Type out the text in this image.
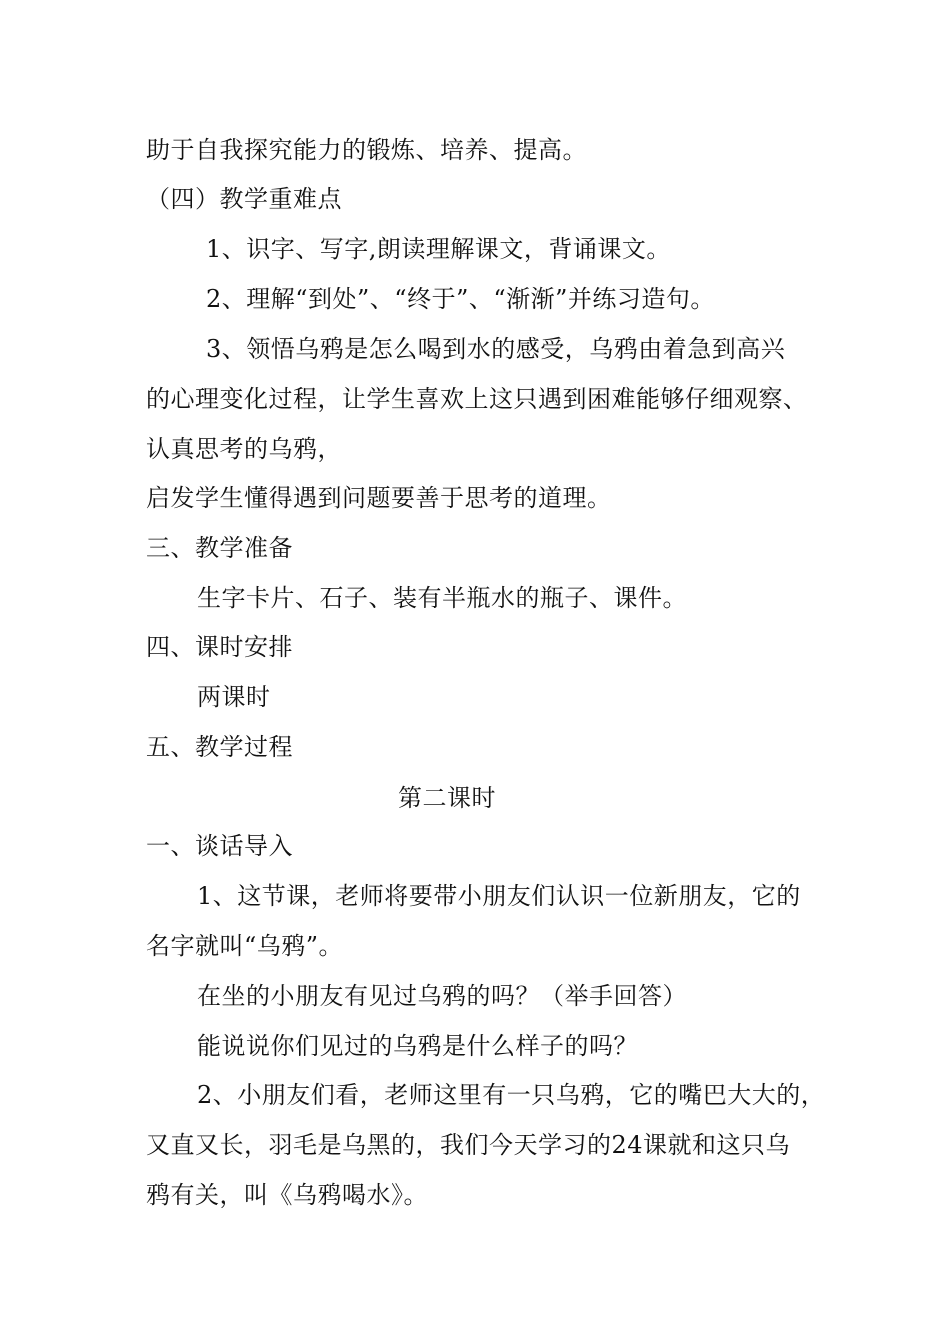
助于自我探究能力的锻炼、培养、提高。
（四）教学重难点
1、识字、写字,朗读理解课文，背诵课文。
2、理解“到处”、“终于”、“渐渐”并练习造句。
3、领悟乌鸦是怎么喝到水的感受，乌鸦由着急到高兴
的心理变化过程，让学生喜欢上这只遇到困难能够仔细观察、
认真思考的乌鸦，
启发学生懂得遇到问题要善于思考的道理。
三、教学准备
生字卡片、石子、装有半瓶水的瓶子、课件。
四、课时安排
两课时
五、教学过程
第二课时
一、谈话导入
1、这节课，老师将要带小朋友们认识一位新朋友，它的
名字就叫“乌鸦”。
在坐的小朋友有见过乌鸦的吗？（举手回答）
能说说你们见过的乌鸦是什么样子的吗？
2、小朋友们看，老师这里有一只乌鸦，它的嘴巴大大的，
又直又长，羽毛是乌黑的，我们今天学习的24课就和这只乌
鸦有关，叫《乌鸦喝水》。
